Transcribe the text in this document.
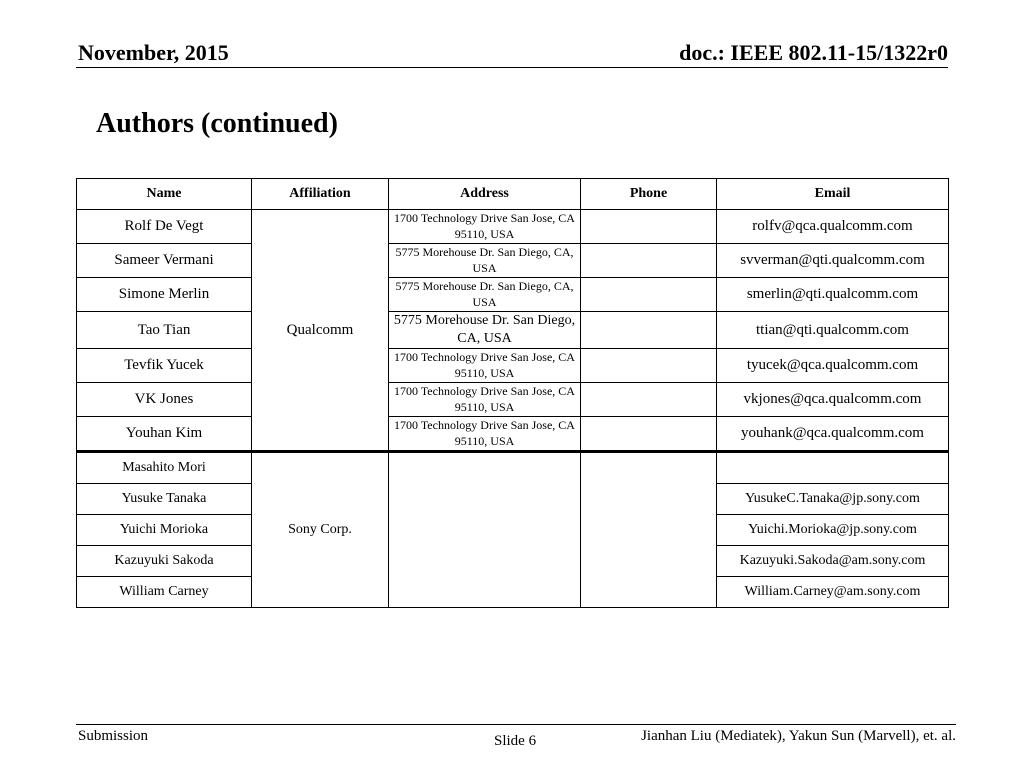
November, 2015	doc.: IEEE 802.11-15/1322r0
Authors (continued)
Name	Affiliation	Address	Phone	Email
Rolf De Vegt	Qualcomm	1700 Technology Drive San Jose, CA 95110, USA		rolfv@qca.qualcomm.com
Sameer Vermani		5775 Morehouse Dr. San Diego, CA, USA		svverman@qti.qualcomm.com
Simone Merlin		5775 Morehouse Dr. San Diego, CA, USA		smerlin@qti.qualcomm.com
Tao Tian		5775 Morehouse Dr. San Diego, CA, USA		ttian@qti.qualcomm.com
Tevfik Yucek		1700 Technology Drive San Jose, CA 95110, USA		tyucek@qca.qualcomm.com
VK Jones		1700 Technology Drive San Jose, CA 95110, USA		vkjones@qca.qualcomm.com
Youhan Kim		1700 Technology Drive San Jose, CA 95110, USA		youhank@qca.qualcomm.com
Masahito Mori	Sony Corp.			
Yusuke Tanaka				YusukeC.Tanaka@jp.sony.com
Yuichi Morioka				Yuichi.Morioka@jp.sony.com
Kazuyuki Sakoda				Kazuyuki.Sakoda@am.sony.com
William Carney				William.Carney@am.sony.com
Submission	Slide 6	Jianhan Liu (Mediatek), Yakun Sun (Marvell), et. al.
